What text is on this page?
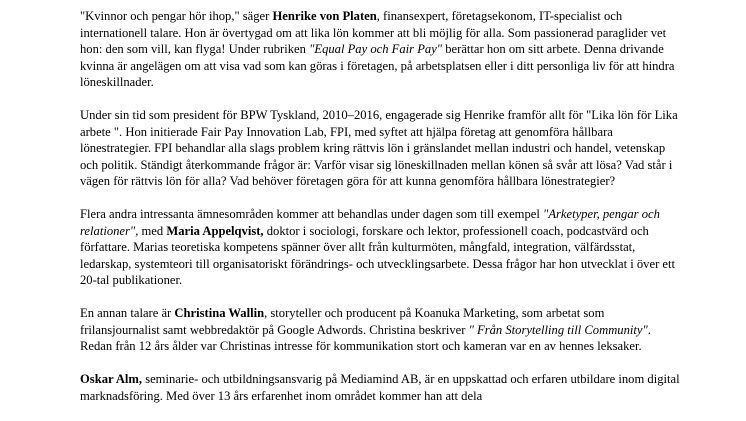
"Kvinnor och pengar hör ihop," säger Henrike von Platen, finansexpert, företagsekonom, IT-specialist och internationell talare. Hon är övertygad om att lika lön kommer att bli möjlig för alla. Som passionerad paraglider vet hon: den som vill, kan flyga! Under rubriken "Equal Pay och Fair Pay" berättar hon om sitt arbete. Denna drivande kvinna är angelägen om att visa vad som kan göras i företagen, på arbetsplatsen eller i ditt personliga liv för att hindra löneskillnader.

Under sin tid som president för BPW Tyskland, 2010–2016, engagerade sig Henrike framför allt för "Lika lön för Lika arbete ". Hon initierade Fair Pay Innovation Lab, FPI, med syftet att hjälpa företag att genomföra hållbara lönestrategier. FPI behandlar alla slags problem kring rättvis lön i gränslandet mellan industri och handel, vetenskap och politik. Ständigt återkommande frågor är: Varför visar sig löneskillnaden mellan könen så svår att lösa? Vad står i vägen för rättvis lön för alla? Vad behöver företagen göra för att kunna genomföra hållbara lönestrategier?

Flera andra intressanta ämnesområden kommer att behandlas under dagen som till exempel "Arketyper, pengar och relationer", med Maria Appelqvist, doktor i sociologi, forskare och lektor, professionell coach, podcastvärd och författare. Marias teoretiska kompetens spänner över allt från kulturmöten, mångfald, integration, välfärdsstat, ledarskap, systemteori till organisatoriskt förändrings- och utvecklingsarbete. Dessa frågor har hon utvecklat i över ett 20-tal publikationer.

En annan talare är Christina Wallin, storyteller och producent på Koanuka Marketing, som arbetat som frilansjournalist samt webbredaktör på Google Adwords. Christina beskriver " Från Storytelling till Community". Redan från 12 års ålder var Christinas intresse för kommunikation stort och kameran var en av hennes leksaker.

Oskar Alm, seminarie- och utbildningsansvarig på Mediamind AB, är en uppskattad och erfaren utbildare inom digital marknadsföring. Med över 13 års erfarenhet inom området kommer han att dela
